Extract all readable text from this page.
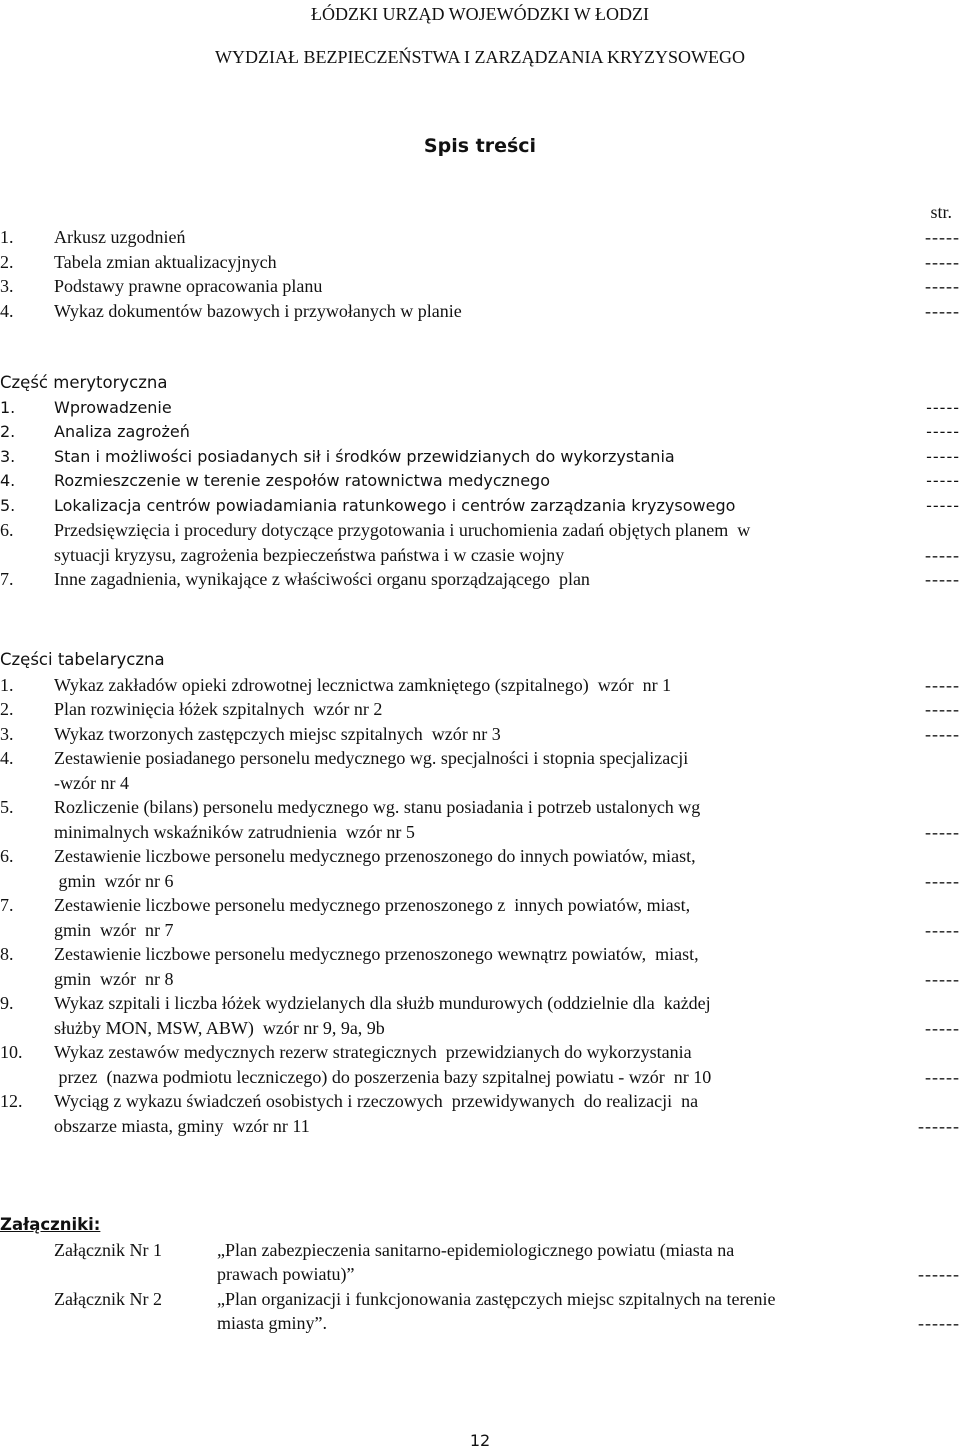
ŁÓDZKI URZĄD WOJEWÓDZKI W ŁODZI
WYDZIAŁ BEZPIECZEŃSTWA I ZARZĄDZANIA KRYZYSOWEGO
Spis treści
str.
1.	Arkusz uzgodnień	-----
2.	Tabela zmian aktualizacyjnych	-----
3.	Podstawy prawne opracowania planu	-----
4.	Wykaz dokumentów bazowych i przywołanych w planie	-----
Część merytoryczna
1.	Wprowadzenie	-----
2.	Analiza zagrożeń	-----
3.	Stan i możliwości posiadanych sił i środków przewidzianych do wykorzystania	-----
4.	Rozmieszczenie w terenie zespołów ratownictwa medycznego	-----
5.	Lokalizacja centrów powiadamiania ratunkowego i centrów zarządzania kryzysowego	-----
6.	Przedsięwzięcia i procedury dotyczące przygotowania i uruchomienia zadań objętych planem  w
sytuacji kryzysu, zagrożenia bezpieczeństwa państwa i w czasie wojny	-----
7.	Inne zagadnienia, wynikające z właściwości organu sporządzającego  plan	-----
Części tabelaryczna
1.	Wykaz zakładów opieki zdrowotnej lecznictwa zamkniętego (szpitalnego)  wzór  nr 1	-----
2.	Plan rozwinięcia łóżek szpitalnych  wzór nr 2	-----
3.	Wykaz tworzonych zastępczych miejsc szpitalnych  wzór nr 3	-----
4.	Zestawienie posiadanego personelu medycznego wg. specjalności i stopnia specjalizacji
-wzór nr 4
5.	Rozliczenie (bilans) personelu medycznego wg. stanu posiadania i potrzeb ustalonych wg
minimalnych wskaźników zatrudnienia  wzór nr 5	-----
6.	Zestawienie liczbowe personelu medycznego przenoszonego do innych powiatów, miast,
gmin  wzór nr 6	-----
7.	Zestawienie liczbowe personelu medycznego przenoszonego z  innych powiatów, miast,
gmin  wzór  nr 7	-----
8.	Zestawienie liczbowe personelu medycznego przenoszonego wewnątrz powiatów,  miast,
gmin  wzór  nr 8	-----
9.	Wykaz szpitali i liczba łóżek wydzielanych dla służb mundurowych (oddzielnie dla  każdej
służby MON, MSW, ABW)  wzór nr 9, 9a, 9b	-----
10.	Wykaz zestawów medycznych rezerw strategicznych  przewidzianych do wykorzystania
przez  (nazwa podmiotu leczniczego) do poszerzenia bazy szpitalnej powiatu - wzór  nr 10	-----
12.	Wyciąg z wykazu świadczeń osobistych i rzeczowych  przewidywanych  do realizacji  na
obszarze miasta, gminy  wzór nr 11	------
Załączniki:
Załącznik Nr 1	„Plan zabezpieczenia sanitarno-epidemiologicznego powiatu (miasta na
prawach powiatu)”	------
Załącznik Nr 2	„Plan organizacji i funkcjonowania zastępczych miejsc szpitalnych na terenie
miasta gminy”.	------
12
